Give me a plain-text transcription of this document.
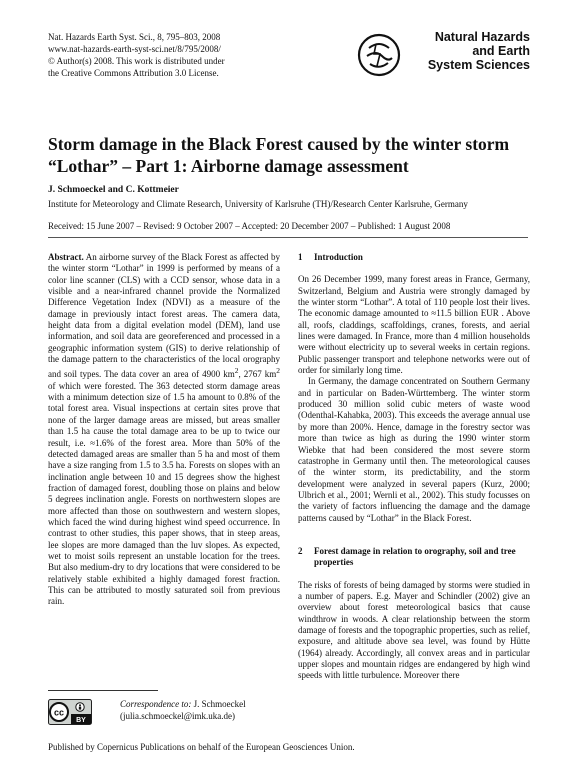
Nat. Hazards Earth Syst. Sci., 8, 795–803, 2008
www.nat-hazards-earth-syst-sci.net/8/795/2008/
© Author(s) 2008. This work is distributed under
the Creative Commons Attribution 3.0 License.
Natural Hazards
and Earth
System Sciences
Storm damage in the Black Forest caused by the winter storm
“Lothar” – Part 1: Airborne damage assessment
J. Schmoeckel and C. Kottmeier
Institute for Meteorology and Climate Research, University of Karlsruhe (TH)/Research Center Karlsruhe, Germany
Received: 15 June 2007 – Revised: 9 October 2007 – Accepted: 20 December 2007 – Published: 1 August 2008

Abstract. An airborne survey of the Black Forest as affected by the winter storm “Lothar” in 1999 is performed by means of a color line scanner (CLS) with a CCD sensor, whose data in a visible and a near-infrared channel provide the Normalized Difference Vegetation Index (NDVI) as a measure of the damage in previously intact forest areas. The camera data, height data from a digital evelation model (DEM), land use information, and soil data are georeferenced and processed in a geographic information system (GIS) to derive relationship of the damage pattern to the characteristics of the local orography and soil types. The data cover an area of 4900 $km^2$, 2767 $km^2$ of which were forested. The 363 detected storm damage areas with a minimum detection size of 1.5 ha amount to 0.8% of the total forest area. Visual inspections at certain sites prove that none of the larger damage areas are missed, but areas smaller than 1.5 ha cause the total damage area to be up to twice our result, i.e. ≈1.6% of the forest area. More than 50% of the detected damaged areas are smaller than 5 ha and most of them have a size ranging from 1.5 to 3.5 ha. Forests on slopes with an inclination angle between 10 and 15 degrees show the highest fraction of damaged forest, doubling those on plains and below 5 degrees inclination angle. Forests on northwestern slopes are more affected than those on southwestern and western slopes, which faced the wind during highest wind speed occurrence. In contrast to other studies, this paper shows, that in steep areas, lee slopes are more damaged than the luv slopes. As expected, wet to moist soils represent an unstable location for the trees. But also medium-dry to dry locations that were considered to be relatively stable exhibited a highly damaged forest fraction. This can be attributed to mostly saturated soil from previous rain.

1	Introduction

On 26 December 1999, many forest areas in France, Germany, Switzerland, Belgium and Austria were strongly damaged by the winter storm “Lothar”. A total of 110 people lost their lives. The economic damage amounted to ≈11.5 billion EUR . Above all, roofs, claddings, scaffoldings, cranes, forests, and aerial lines were damaged. In France, more than 4 million households were without electricity up to several weeks in certain regions. Public passenger transport and telephone networks were out of order for similarly long time.

In Germany, the damage concentrated on Southern Germany and in particular on Baden-Württemberg. The winter storm produced 30 million solid cubic meters of waste wood (Odenthal-Kahabka, 2003). This exceeds the average annual use by more than 200%. Hence, damage in the forestry sector was more than twice as high as during the 1990 winter storm Wiebke that had been considered the most severe storm catastrophe in Germany until then. The meteorological causes of the winter storm, its predictability, and the storm development were analyzed in several papers (Kurz, 2000; Ulbrich et al., 2001; Wernli et al., 2002). This study focusses on the variety of factors influencing the damage and the damage patterns caused by “Lothar” in the Black Forest.

2	Forest damage in relation to orography, soil and tree
properties

The risks of forests of being damaged by storms were studied in a number of papers. E.g. Mayer and Schindler (2002) give an overview about forest meteorological basics that cause windthrow in woods. A clear relationship between the storm damage of forests and the topographic properties, such as relief, exposure, and altitude above sea level, was found by Hütte (1964) already. Accordingly, all convex areas and in particular upper slopes and mountain ridges are endangered by high wind speeds with little turbulence. Moreover there

cc
BY
Correspondence to: J. Schmoeckel
(julia.schmoeckel@imk.uka.de)
Published by Copernicus Publications on behalf of the European Geosciences Union.
